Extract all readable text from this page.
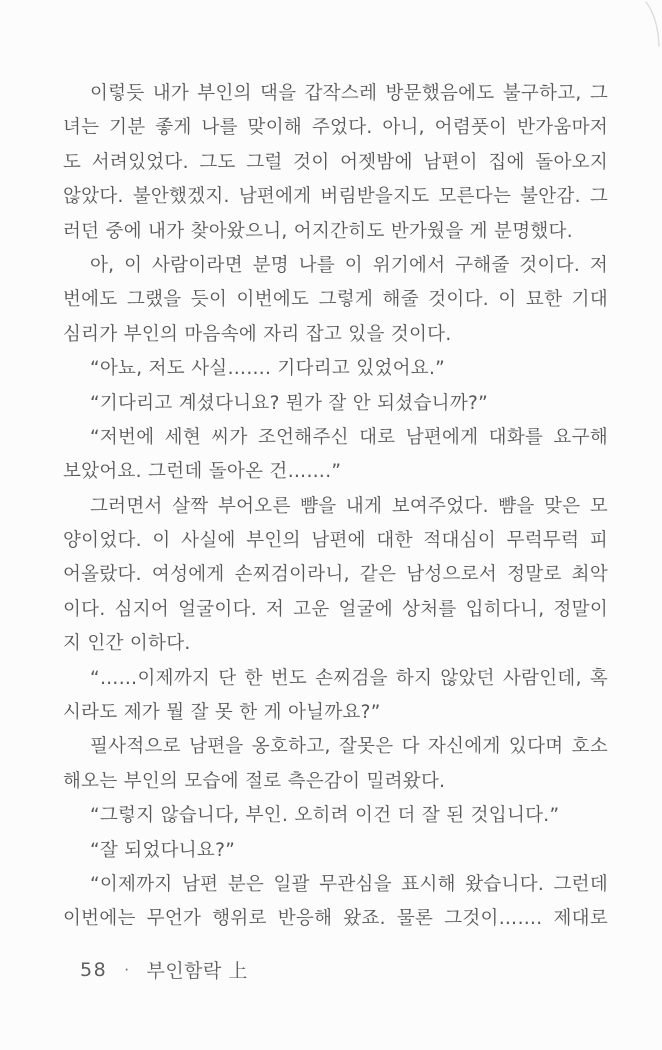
이렇듯 내가 부인의 댁을 갑작스레 방문했음에도 불구하고, 그
녀는 기분 좋게 나를 맞이해 주었다. 아니, 어렴풋이 반가움마저
도 서려있었다. 그도 그럴 것이 어젯밤에 남편이 집에 돌아오지
않았다. 불안했겠지. 남편에게 버림받을지도 모른다는 불안감. 그
러던 중에 내가 찾아왔으니, 어지간히도 반가웠을 게 분명했다.
아, 이 사람이라면 분명 나를 이 위기에서 구해줄 것이다. 저
번에도 그랬을 듯이 이번에도 그렇게 해줄 것이다. 이 묘한 기대
심리가 부인의 마음속에 자리 잡고 있을 것이다.
“아뇨, 저도 사실……. 기다리고 있었어요.”
“기다리고 계셨다니요? 뭔가 잘 안 되셨습니까?”
“저번에 세현 씨가 조언해주신 대로 남편에게 대화를 요구해
보았어요. 그런데 돌아온 건…….”
그러면서 살짝 부어오른 뺨을 내게 보여주었다. 뺨을 맞은 모
양이었다. 이 사실에 부인의 남편에 대한 적대심이 무럭무럭 피
어올랐다. 여성에게 손찌검이라니, 같은 남성으로서 정말로 최악
이다. 심지어 얼굴이다. 저 고운 얼굴에 상처를 입히다니, 정말이
지 인간 이하다.
“……이제까지 단 한 번도 손찌검을 하지 않았던 사람인데, 혹
시라도 제가 뭘 잘 못 한 게 아닐까요?”
필사적으로 남편을 옹호하고, 잘못은 다 자신에게 있다며 호소
해오는 부인의 모습에 절로 측은감이 밀려왔다.
“그렇지 않습니다, 부인. 오히려 이건 더 잘 된 것입니다.”
“잘 되었다니요?”
“이제까지 남편 분은 일괄 무관심을 표시해 왔습니다. 그런데
이번에는 무언가 행위로 반응해 왔죠. 물론 그것이……. 제대로
58 · 부인함락 上
